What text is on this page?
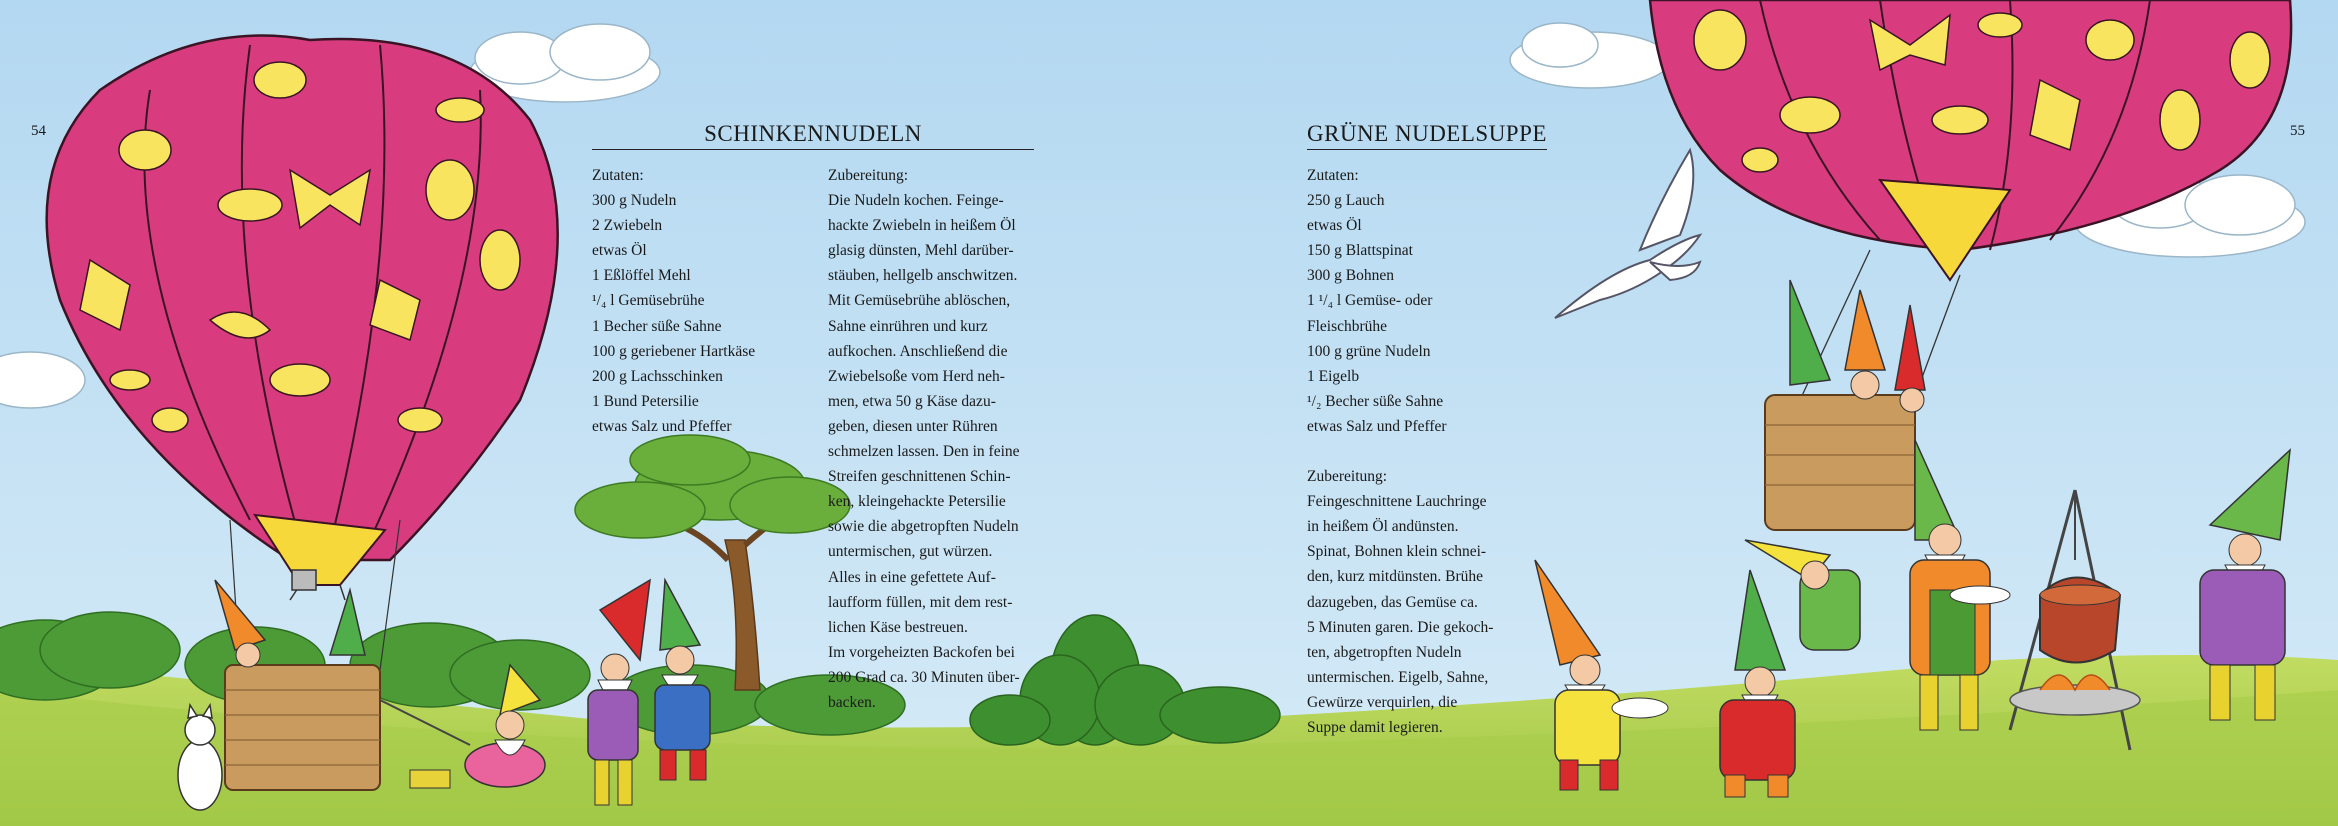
54	55
SCHINKENNUDELN
Zutaten:
300 g Nudeln
2 Zwiebeln
etwas Öl
1 Eßlöffel Mehl
¹/₄ l Gemüsebrühe
1 Becher süße Sahne
100 g geriebener Hartkäse
200 g Lachsschinken
1 Bund Petersilie
etwas Salz und Pfeffer
Zubereitung:
Die Nudeln kochen. Feinge-
hackte Zwiebeln in heißem Öl
glasig dünsten, Mehl darüber-
stäuben, hellgelb anschwitzen.
Mit Gemüsebrühe ablöschen,
Sahne einrühren und kurz
aufkochen. Anschließend die
Zwiebelsoße vom Herd neh-
men, etwa 50 g Käse dazu-
geben, diesen unter Rühren
schmelzen lassen. Den in feine
Streifen geschnittenen Schin-
ken, kleingehackte Petersilie
sowie die abgetropften Nudeln
untermischen, gut würzen.
Alles in eine gefettete Auf-
laufform füllen, mit dem rest-
lichen Käse bestreuen.
Im vorgeheizten Backofen bei
200 Grad ca. 30 Minuten über-
backen.
GRÜNE NUDELSUPPE
Zutaten:
250 g Lauch
etwas Öl
150 g Blattspinat
300 g Bohnen
1 ¹/₄ l Gemüse- oder
Fleischbrühe
100 g grüne Nudeln
1 Eigelb
¹/₂ Becher süße Sahne
etwas Salz und Pfeffer
Zubereitung:
Feingeschnittene Lauchringe
in heißem Öl andünsten.
Spinat, Bohnen klein schnei-
den, kurz mitdünsten. Brühe
dazugeben, das Gemüse ca.
5 Minuten garen. Die gekoch-
ten, abgetropften Nudeln
untermischen. Eigelb, Sahne,
Gewürze verquirlen, die
Suppe damit legieren.
